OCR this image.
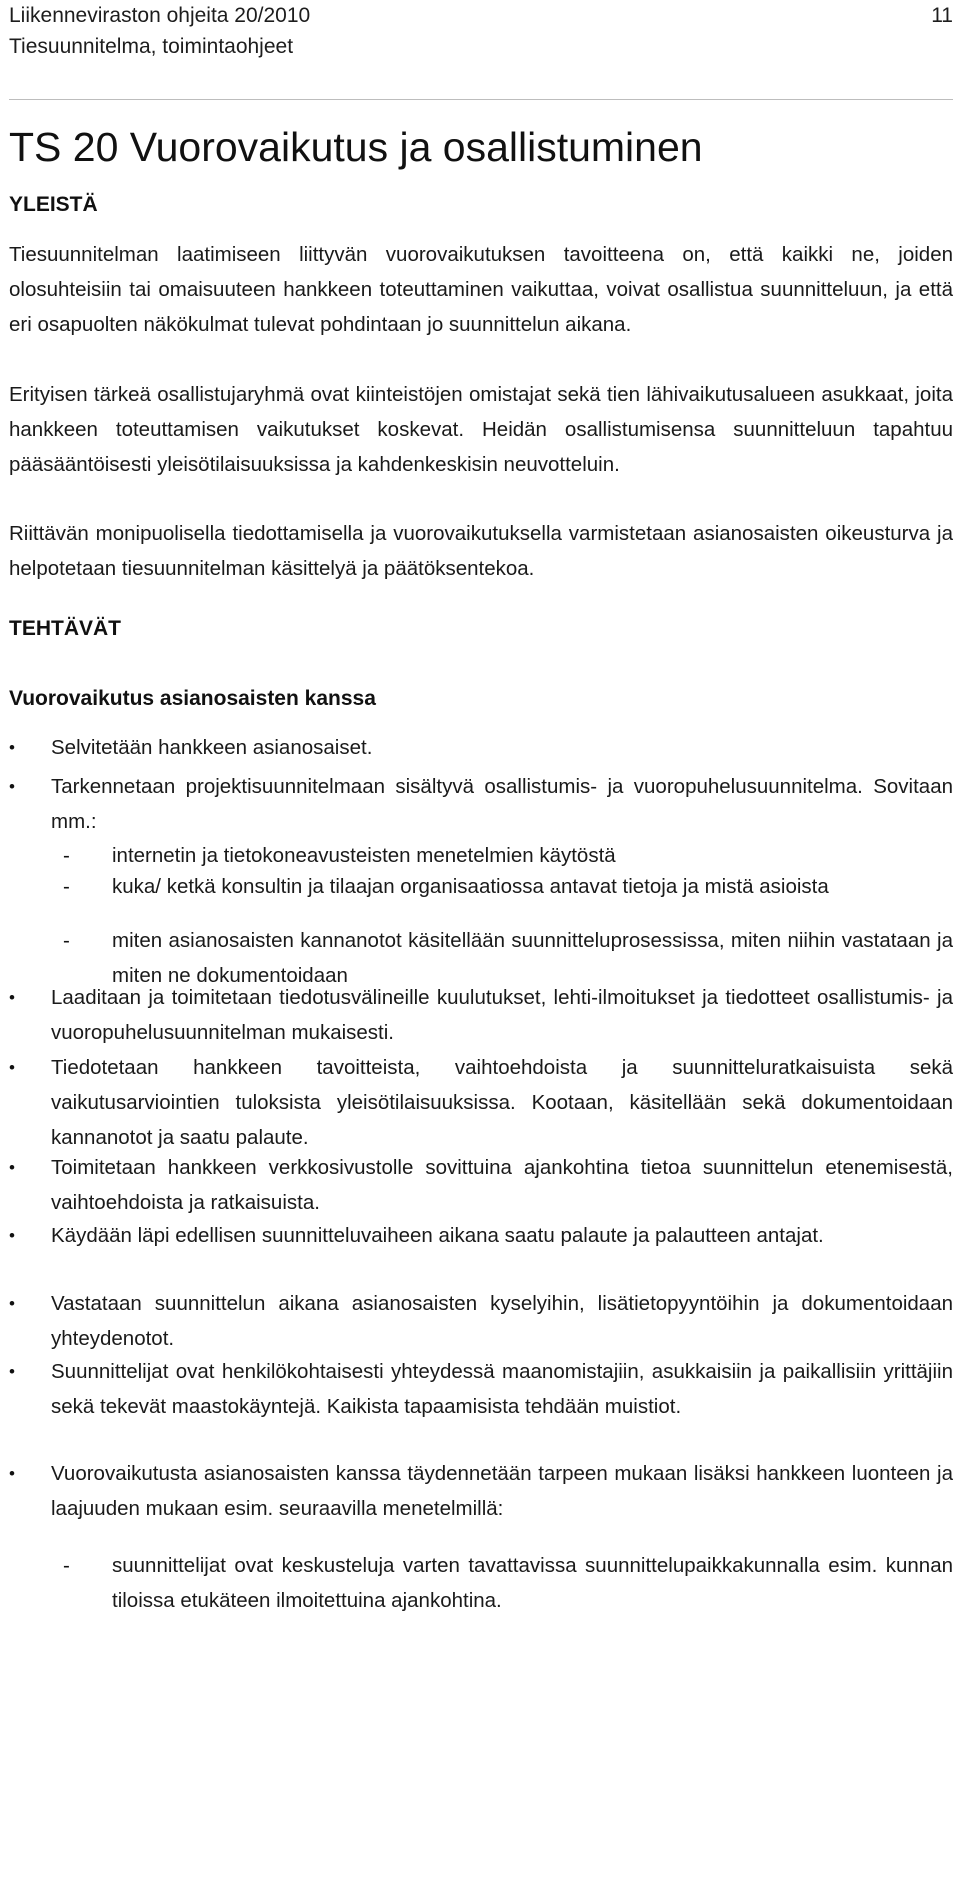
Liikenneviraston ohjeita 20/2010
Tiesuunnitelma, toimintaohjeet
11
TS 20 Vuorovaikutus ja osallistuminen
YLEISTÄ

Tiesuunnitelman laatimiseen liittyvän vuorovaikutuksen tavoitteena on, että kaikki ne, joiden olosuhteisiin tai omaisuuteen hankkeen toteuttaminen vaikuttaa, voivat osallistua suunnitteluun, ja että eri osapuolten näkökulmat tulevat pohdintaan jo suunnittelun aikana.

Erityisen tärkeä osallistujaryhmä ovat kiinteistöjen omistajat sekä tien lähivaikutusalueen asukkaat, joita hankkeen toteuttamisen vaikutukset koskevat. Heidän osallistumisensa suunnitteluun tapahtuu pääsääntöisesti yleisötilaisuuksissa ja kahdenkeskisin neuvotteluin.

Riittävän monipuolisella tiedottamisella ja vuorovaikutuksella varmistetaan asianosaisten oikeusturva ja helpotetaan tiesuunnitelman käsittelyä ja päätöksentekoa.

TEHTÄVÄT
Vuorovaikutus asianosaisten kanssa
•	Selvitetään hankkeen asianosaiset.

•	Tarkennetaan projektisuunnitelmaan sisältyvä osallistumis- ja vuoropuhelusuunnitelma. Sovitaan mm.:

-	internetin ja tietokoneavusteisten menetelmien käytöstä

-	kuka/ ketkä konsultin ja tilaajan organisaatiossa antavat tietoja ja mistä asioista

-	miten asianosaisten kannanotot käsitellään suunnitteluprosessissa, miten niihin vastataan ja miten ne dokumentoidaan

•	Laaditaan ja toimitetaan tiedotusvälineille kuulutukset, lehti-ilmoitukset ja tiedotteet osallistumis- ja vuoropuhelusuunnitelman mukaisesti.

•	Tiedotetaan hankkeen tavoitteista, vaihtoehdoista ja suunnitteluratkaisuista sekä vaikutusarviointien tuloksista yleisötilaisuuksissa. Kootaan, käsitellään sekä dokumentoidaan kannanotot ja saatu palaute.

•	Toimitetaan hankkeen verkkosivustolle sovittuina ajankohtina tietoa suunnittelun etenemisestä, vaihtoehdoista ja ratkaisuista.

•	Käydään läpi edellisen suunnitteluvaiheen aikana saatu palaute ja palautteen antajat.

•	Vastataan suunnittelun aikana asianosaisten kyselyihin, lisätietopyyntöihin ja dokumentoidaan yhteydenotot.

•	Suunnittelijat ovat henkilökohtaisesti yhteydessä maanomistajiin, asukkaisiin ja paikallisiin yrittäjiin sekä tekevät maastokäyntejä. Kaikista tapaamisista tehdään muistiot.

•	Vuorovaikutusta asianosaisten kanssa täydennetään tarpeen mukaan lisäksi hankkeen luonteen ja laajuuden mukaan esim. seuraavilla menetelmillä:

-	suunnittelijat ovat keskusteluja varten tavattavissa suunnittelupaikkakunnalla esim. kunnan tiloissa etukäteen ilmoitettuina ajankohtina.
